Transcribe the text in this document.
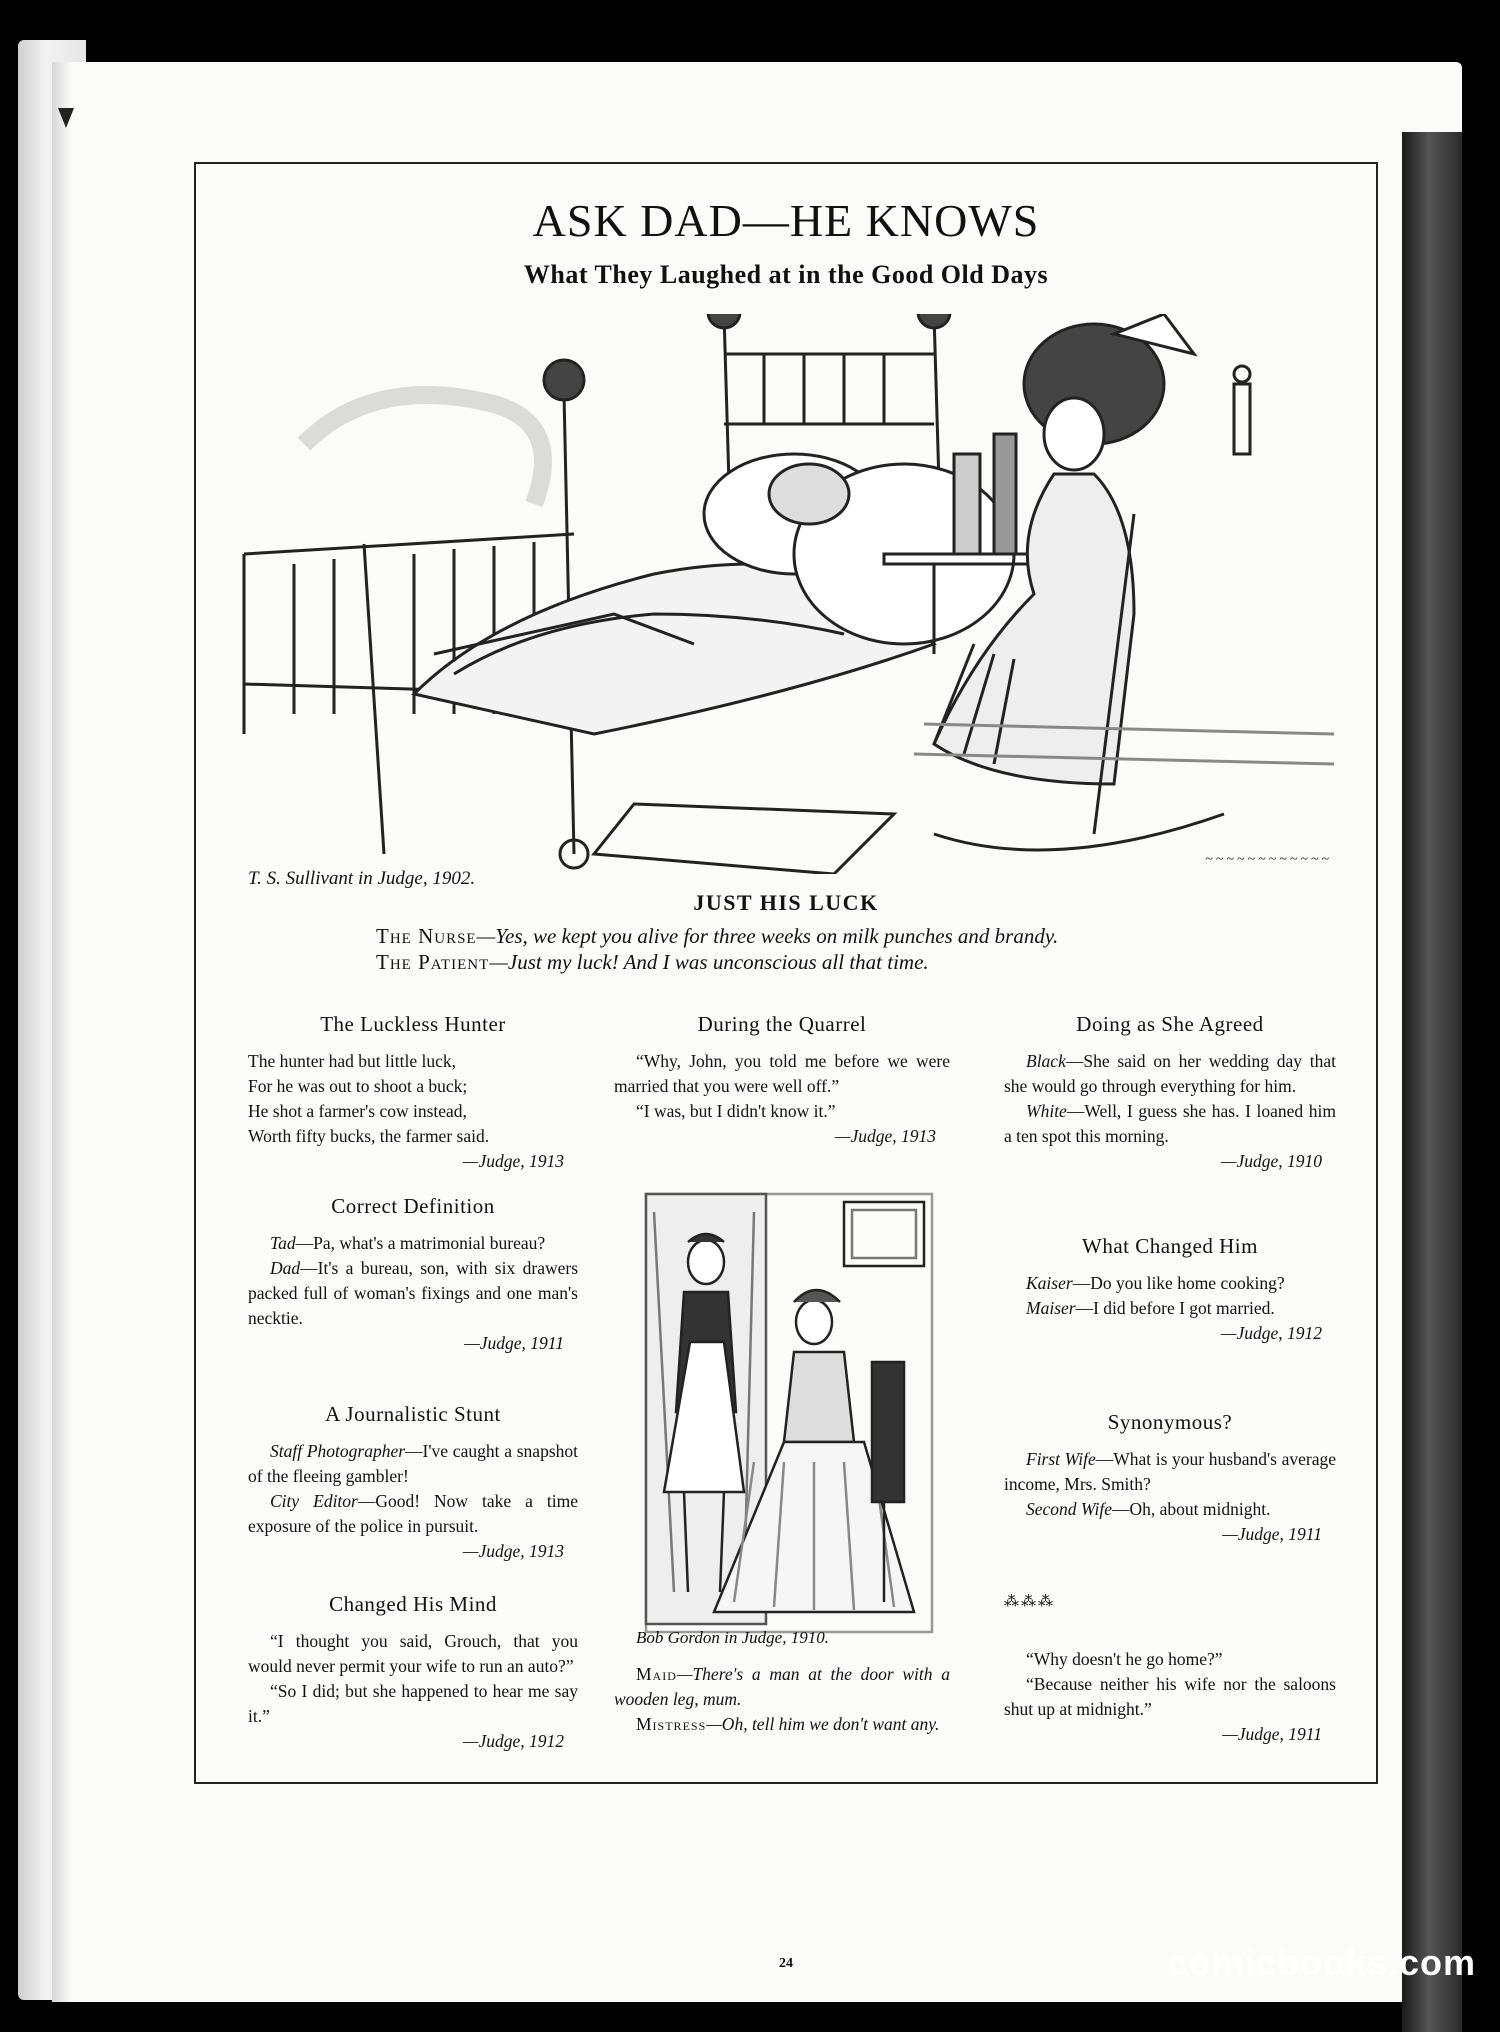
ASK DAD—HE KNOWS
What They Laughed at in the Good Old Days
~~~~~~~~~~~~
T. S. Sullivant in Judge, 1902.
JUST HIS LUCK
The Nurse—Yes, we kept you alive for three weeks on milk punches and brandy.
The Patient—Just my luck! And I was unconscious all that time.
The Luckless Hunter

The hunter had but little luck,

For he was out to shoot a buck;

He shot a farmer's cow instead,

Worth fifty bucks, the farmer said.

—Judge, 1913

Correct Definition

Tad—Pa, what's a matrimonial bureau?

Dad—It's a bureau, son, with six drawers packed full of woman's fixings and one man's necktie.

—Judge, 1911

A Journalistic Stunt

Staff Photographer—I've caught a snapshot of the fleeing gambler!

City Editor—Good! Now take a time exposure of the police in pursuit.

—Judge, 1913

Changed His Mind

“I thought you said, Grouch, that you would never permit your wife to run an auto?”

“So I did; but she happened to hear me say it.”

—Judge, 1912

During the Quarrel

“Why, John, you told me before we were married that you were well off.”

“I was, but I didn't know it.”

—Judge, 1913

Bob Gordon in Judge, 1910.

Maid—There's a man at the door with a wooden leg, mum.

Mistress—Oh, tell him we don't want any.

Doing as She Agreed

Black—She said on her wedding day that she would go through everything for him.

White—Well, I guess she has. I loaned him a ten spot this morning.

—Judge, 1910

What Changed Him

Kaiser—Do you like home cooking?

Maiser—I did before I got married.

—Judge, 1912

Synonymous?

First Wife—What is your husband's average income, Mrs. Smith?

Second Wife—Oh, about midnight.

—Judge, 1911

⁂⁂⁂

“Why doesn't he go home?”

“Because neither his wife nor the saloons shut up at midnight.”

—Judge, 1911

24	comicbooks.com
